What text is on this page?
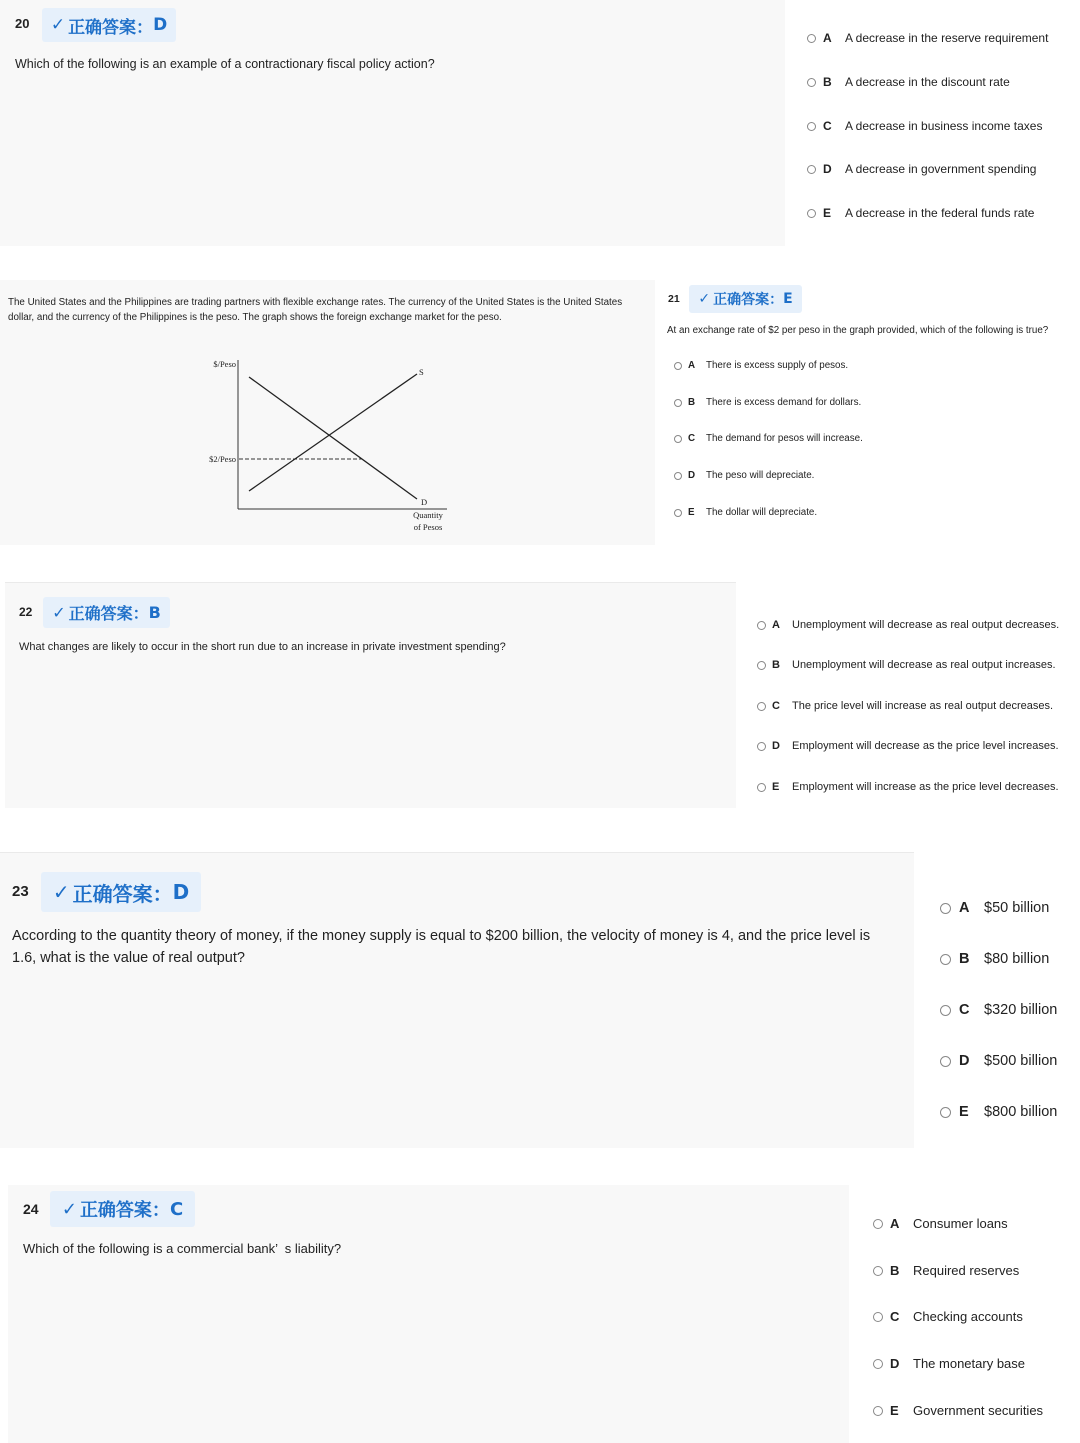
20 ✓ 正确答案： D
Which of the following is an example of a contractionary fiscal policy action?
A	A decrease in the reserve requirement
B	A decrease in the discount rate
C	A decrease in business income taxes
D	A decrease in government spending
E	A decrease in the federal funds rate
The United States and the Philippines are trading partners with flexible exchange rates. The currency of the United States is the United States dollar, and the currency of the Philippines is the peso. The graph shows the foreign exchange market for the peso.
$/Peso
$2/Peso
S
D
Quantity
of Pesos
21 ✓ 正确答案： E
At an exchange rate of $2 per peso in the graph provided, which of the following is true?
A	There is excess supply of pesos.
B	There is excess demand for dollars.
C	The demand for pesos will increase.
D	The peso will depreciate.
E	The dollar will depreciate.
22 ✓ 正确答案： B
What changes are likely to occur in the short run due to an increase in private investment spending?
A	Unemployment will decrease as real output decreases.
B	Unemployment will decrease as real output increases.
C	The price level will increase as real output decreases.
D	Employment will decrease as the price level increases.
E	Employment will increase as the price level decreases.
23 ✓ 正确答案： D
According to the quantity theory of money, if the money supply is equal to $200 billion, the velocity of money is 4, and the price level is 1.6, what is the value of real output?
A	$50 billion
B	$80 billion
C	$320 billion
D	$500 billion
E	$800 billion
24 ✓ 正确答案： C
Which of the following is a commercial bank’  s liability?
A	Consumer loans
B	Required reserves
C	Checking accounts
D	The monetary base
E	Government securities
